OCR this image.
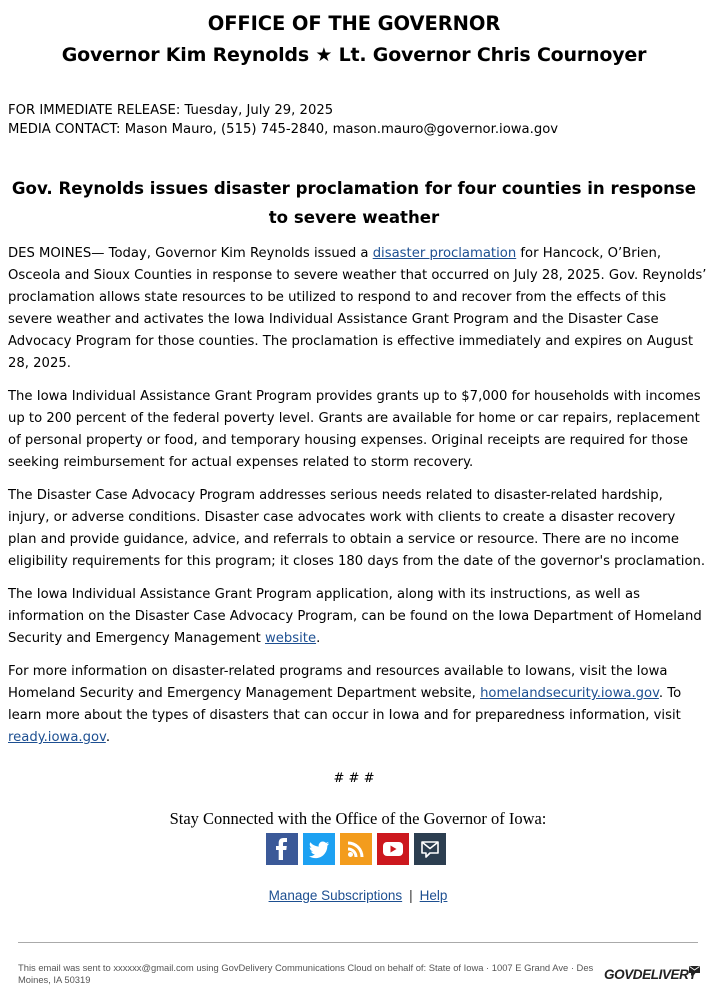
OFFICE OF THE GOVERNOR
Governor Kim Reynolds ★ Lt. Governor Chris Cournoyer
FOR IMMEDIATE RELEASE: Tuesday, July 29, 2025
MEDIA CONTACT: Mason Mauro, (515) 745-2840, mason.mauro@governor.iowa.gov
Gov. Reynolds issues disaster proclamation for four counties in response to severe weather

DES MOINES— Today, Governor Kim Reynolds issued a disaster proclamation for Hancock, O’Brien, Osceola and Sioux Counties in response to severe weather that occurred on July 28, 2025. Gov. Reynolds’ proclamation allows state resources to be utilized to respond to and recover from the effects of this severe weather and activates the Iowa Individual Assistance Grant Program and the Disaster Case Advocacy Program for those counties. The proclamation is effective immediately and expires on August 28, 2025.

The Iowa Individual Assistance Grant Program provides grants up to $7,000 for households with incomes up to 200 percent of the federal poverty level. Grants are available for home or car repairs, replacement of personal property or food, and temporary housing expenses. Original receipts are required for those seeking reimbursement for actual expenses related to storm recovery.

The Disaster Case Advocacy Program addresses serious needs related to disaster-related hardship, injury, or adverse conditions. Disaster case advocates work with clients to create a disaster recovery plan and provide guidance, advice, and referrals to obtain a service or resource. There are no income eligibility requirements for this program; it closes 180 days from the date of the governor's proclamation.

The Iowa Individual Assistance Grant Program application, along with its instructions, as well as information on the Disaster Case Advocacy Program, can be found on the Iowa Department of Homeland Security and Emergency Management website.

For more information on disaster-related programs and resources available to Iowans, visit the Iowa Homeland Security and Emergency Management Department website, homelandsecurity.iowa.gov. To learn more about the types of disasters that can occur in Iowa and for preparedness information, visit ready.iowa.gov.

# # #
Stay Connected with the Office of the Governor of Iowa:
Manage Subscriptions | Help
This email was sent to xxxxxx@gmail.com using GovDelivery Communications Cloud on behalf of: State of Iowa · 1007 E Grand Ave · Des Moines, IA 50319	GOVDELIVERY
